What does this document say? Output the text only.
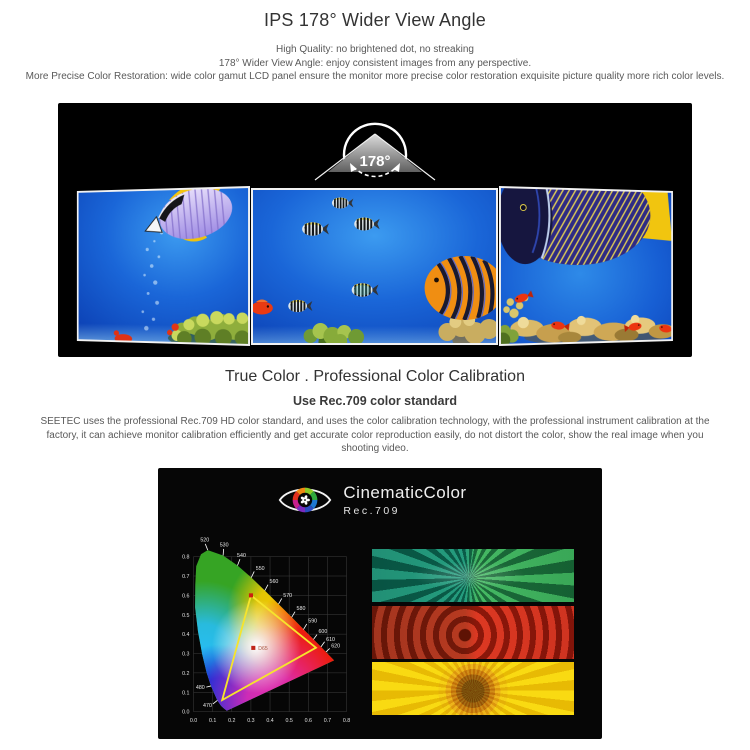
IPS 178° Wider View Angle

High Quality: no brightened dot, no streaking

178° Wider View Angle: enjoy consistent images from any perspective.

More Precise Color Restoration: wide color gamut LCD panel ensure the monitor more precise color restoration exquisite picture quality more rich color levels.

178°
True Color . Professional Color Calibration
Use Rec.709 color standard

SEETEC uses the professional Rec.709 HD color standard, and uses the color calibration technology, with the professional instrument calibration at the factory, it can achieve monitor calibration efficiently and get accurate color reproduction easily, do not distort the color, show the real image when you shooting video.

CinematicColor
Rec.709
D65
520
530
540
550
560
570
580
590
600
610
620
480
470
0.8
0.7
0.6
0.5
0.4
0.3
0.2
0.1
0.0
0.0 0.1 0.2 0.3 0.4 0.5 0.6 0.7 0.8
